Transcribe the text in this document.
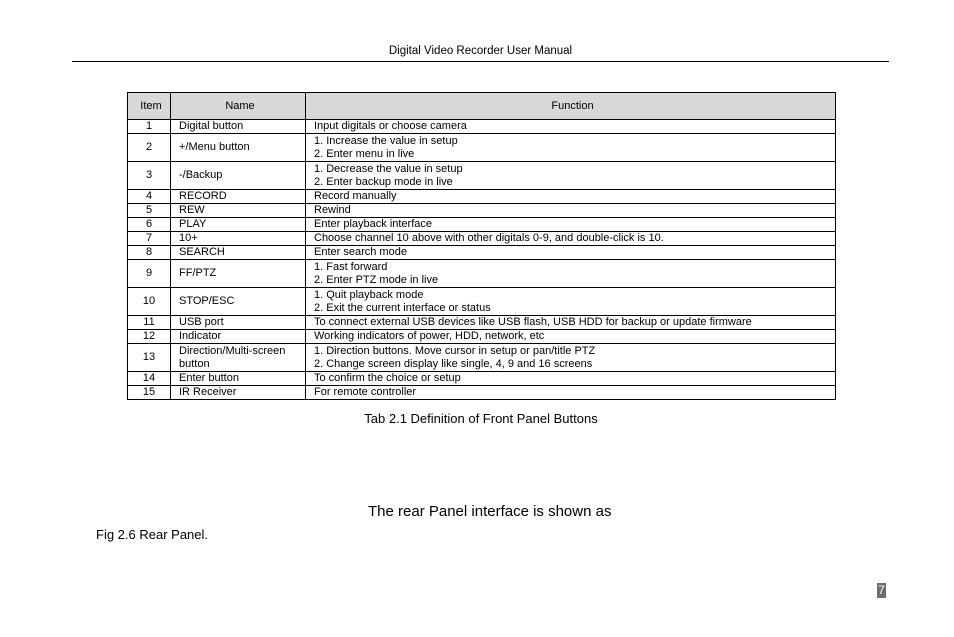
Digital Video Recorder User Manual
Item	Name	Function
1	Digital button	Input digitals or choose camera

2	+/Menu button	1. Increase the value in setup
2. Enter menu in live

3	-/Backup	1. Decrease the value in setup
2. Enter backup mode in live

4	RECORD	Record manually

5	REW	Rewind

6	PLAY	Enter playback interface

7	10+	Choose channel 10 above with other digitals 0-9, and double-click is 10.

8	SEARCH	Enter search mode

9	FF/PTZ	1. Fast forward
2. Enter PTZ mode in live

10	STOP/ESC	1. Quit playback mode
2. Exit the current interface or status

11	USB port	To connect external USB devices like USB flash, USB HDD for backup or update firmware

12	Indicator	Working indicators of power, HDD, network, etc

13	Direction/Multi-screen
button	1. Direction buttons. Move cursor in setup or pan/title PTZ
2. Change screen display like single, 4, 9 and 16 screens

14	Enter button	To confirm the choice or setup

15	IR Receiver	For remote controller
Tab 2.1 Definition of Front Panel Buttons
The rear Panel interface is shown as
Fig 2.6 Rear Panel.
7
